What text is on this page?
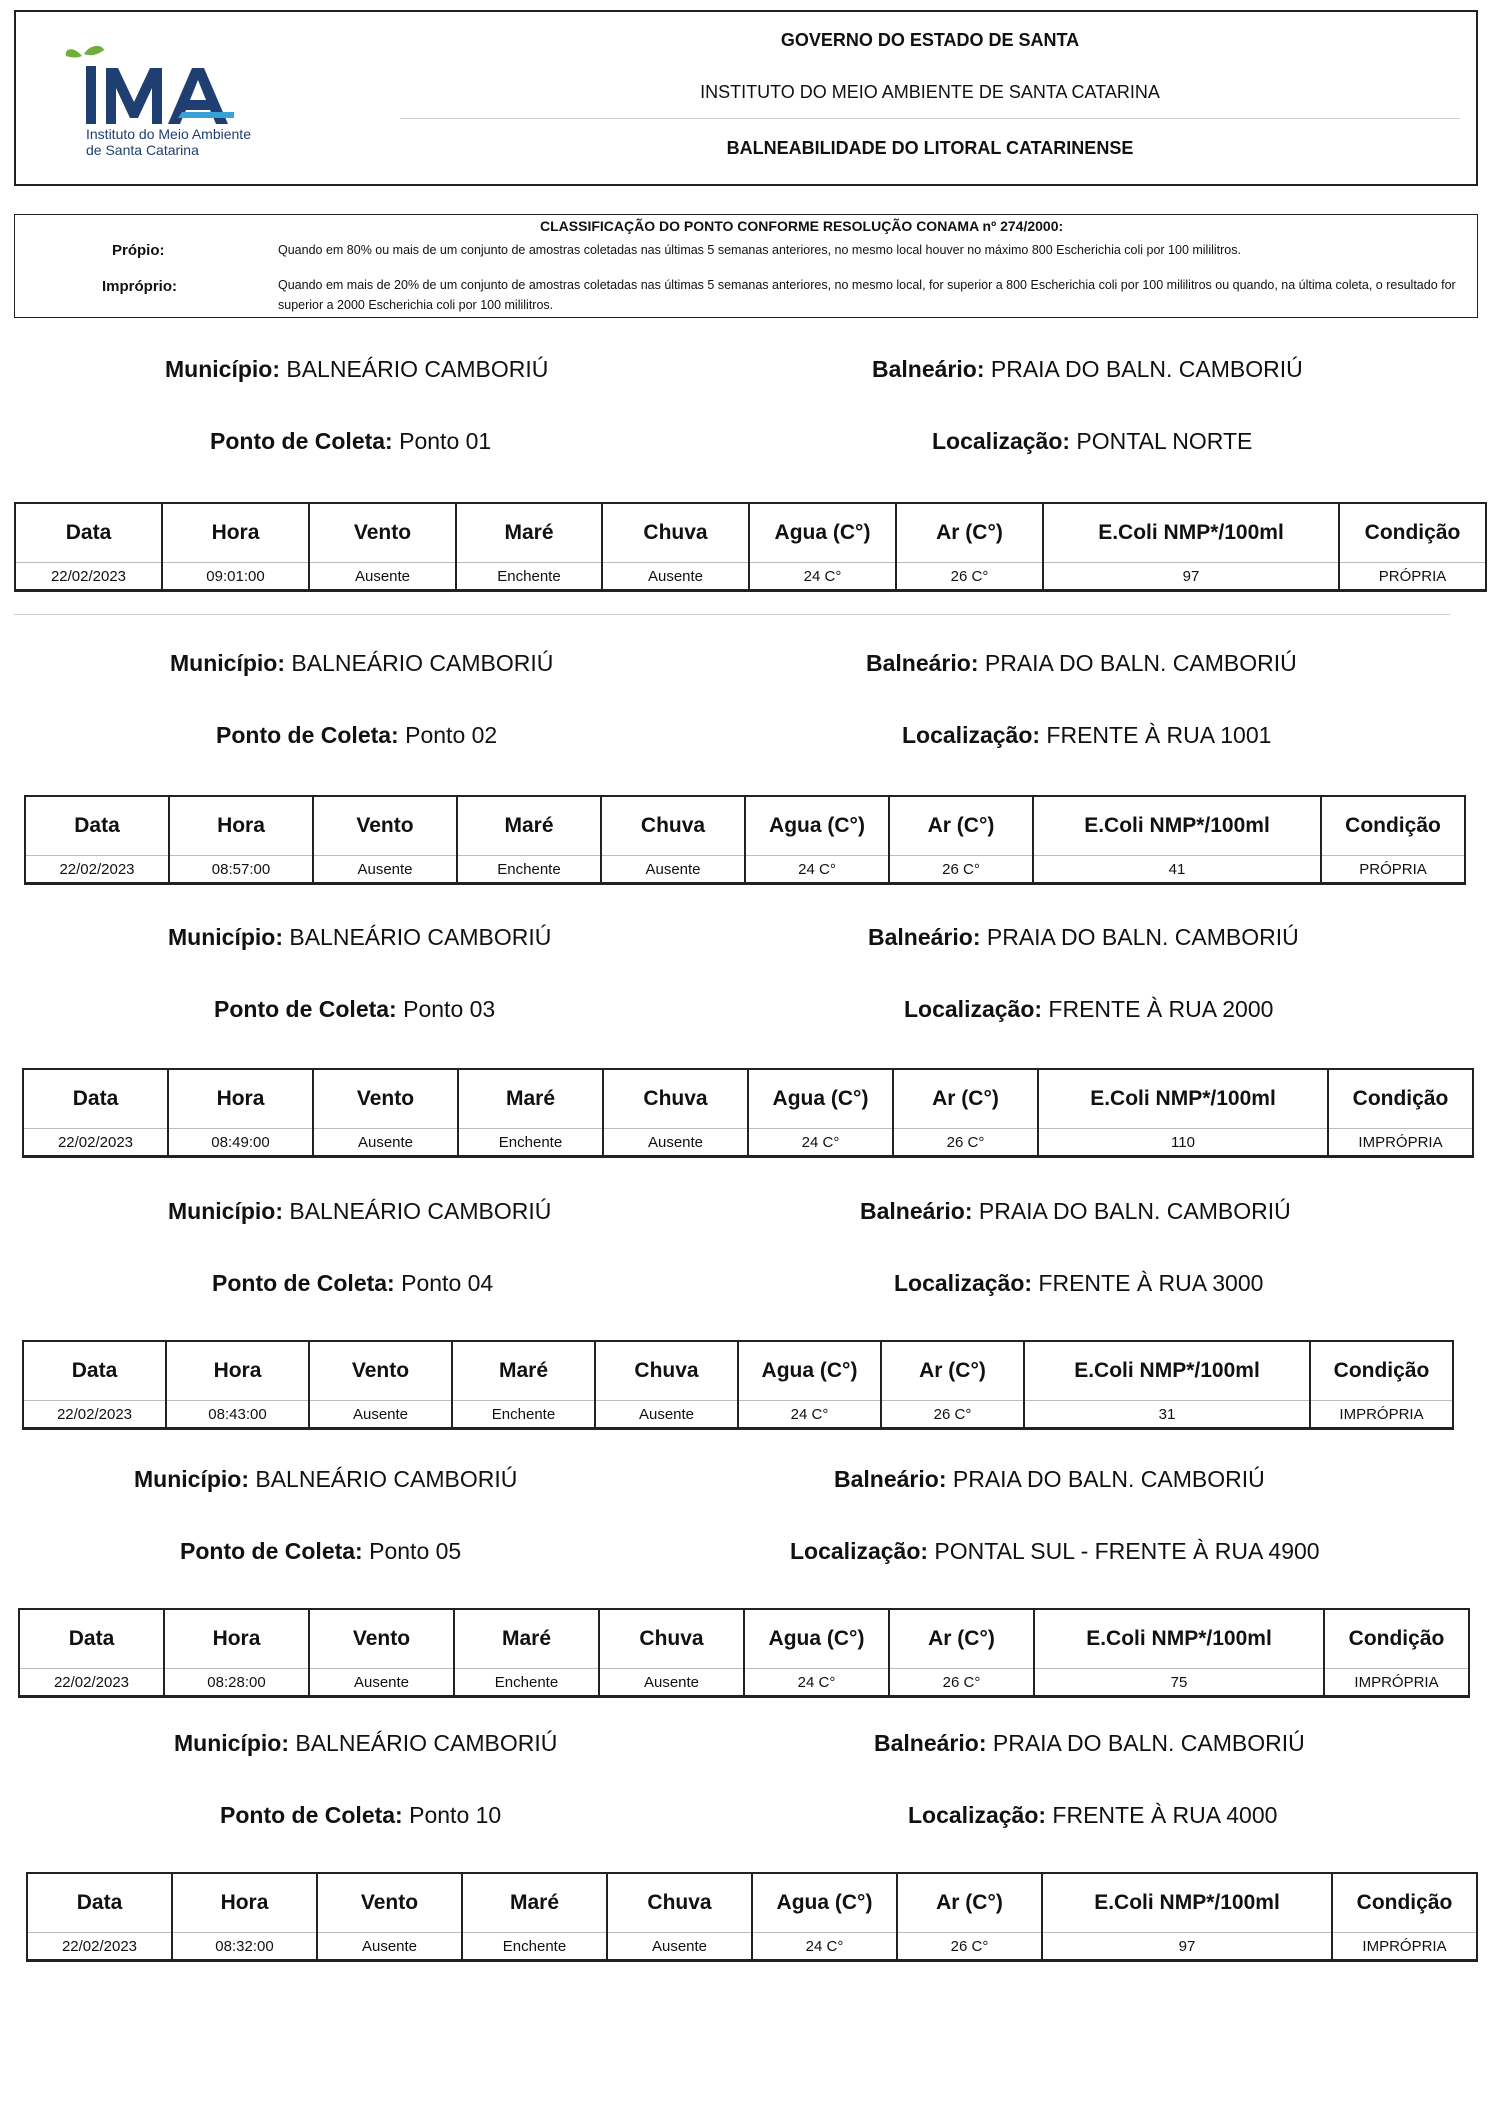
Instituto do Meio Ambiente
de Santa Catarina
GOVERNO DO ESTADO DE SANTA
INSTITUTO DO MEIO AMBIENTE DE SANTA CATARINA
BALNEABILIDADE DO LITORAL CATARINENSE
CLASSIFICAÇÃO DO PONTO CONFORME RESOLUÇÃO CONAMA nº 274/2000:
Própio:	Quando em 80% ou mais de um conjunto de amostras coletadas nas últimas 5 semanas anteriores, no mesmo local houver no máximo 800 Escherichia coli por 100 mililitros.
Impróprio:	Quando em mais de 20% de um conjunto de amostras coletadas nas últimas 5 semanas anteriores, no mesmo local, for superior a 800 Escherichia coli por 100 mililitros ou quando, na última coleta, o resultado for superior a 2000 Escherichia coli por 100 mililitros.
Município: BALNEÁRIO CAMBORIÚ	Balneário: PRAIA DO BALN. CAMBORIÚ
Ponto de Coleta: Ponto 01	Localização: PONTAL NORTE
Data	Hora	Vento	Maré	Chuva	Agua (C°)	Ar (C°)	E.Coli NMP*/100ml	Condição
22/02/2023	09:01:00	Ausente	Enchente	Ausente	24 C°	26 C°	97	PRÓPRIA
Município: BALNEÁRIO CAMBORIÚ	Balneário: PRAIA DO BALN. CAMBORIÚ
Ponto de Coleta: Ponto 02	Localização: FRENTE À RUA 1001
Data	Hora	Vento	Maré	Chuva	Agua (C°)	Ar (C°)	E.Coli NMP*/100ml	Condição
22/02/2023	08:57:00	Ausente	Enchente	Ausente	24 C°	26 C°	41	PRÓPRIA
Município: BALNEÁRIO CAMBORIÚ	Balneário: PRAIA DO BALN. CAMBORIÚ
Ponto de Coleta: Ponto 03	Localização: FRENTE À RUA 2000
Data	Hora	Vento	Maré	Chuva	Agua (C°)	Ar (C°)	E.Coli NMP*/100ml	Condição
22/02/2023	08:49:00	Ausente	Enchente	Ausente	24 C°	26 C°	110	IMPRÓPRIA
Município: BALNEÁRIO CAMBORIÚ	Balneário: PRAIA DO BALN. CAMBORIÚ
Ponto de Coleta: Ponto 04	Localização: FRENTE À RUA 3000
Data	Hora	Vento	Maré	Chuva	Agua (C°)	Ar (C°)	E.Coli NMP*/100ml	Condição
22/02/2023	08:43:00	Ausente	Enchente	Ausente	24 C°	26 C°	31	IMPRÓPRIA
Município: BALNEÁRIO CAMBORIÚ	Balneário: PRAIA DO BALN. CAMBORIÚ
Ponto de Coleta: Ponto 05	Localização: PONTAL SUL - FRENTE À RUA 4900
Data	Hora	Vento	Maré	Chuva	Agua (C°)	Ar (C°)	E.Coli NMP*/100ml	Condição
22/02/2023	08:28:00	Ausente	Enchente	Ausente	24 C°	26 C°	75	IMPRÓPRIA
Município: BALNEÁRIO CAMBORIÚ	Balneário: PRAIA DO BALN. CAMBORIÚ
Ponto de Coleta: Ponto 10	Localização: FRENTE À RUA 4000
Data	Hora	Vento	Maré	Chuva	Agua (C°)	Ar (C°)	E.Coli NMP*/100ml	Condição
22/02/2023	08:32:00	Ausente	Enchente	Ausente	24 C°	26 C°	97	IMPRÓPRIA
